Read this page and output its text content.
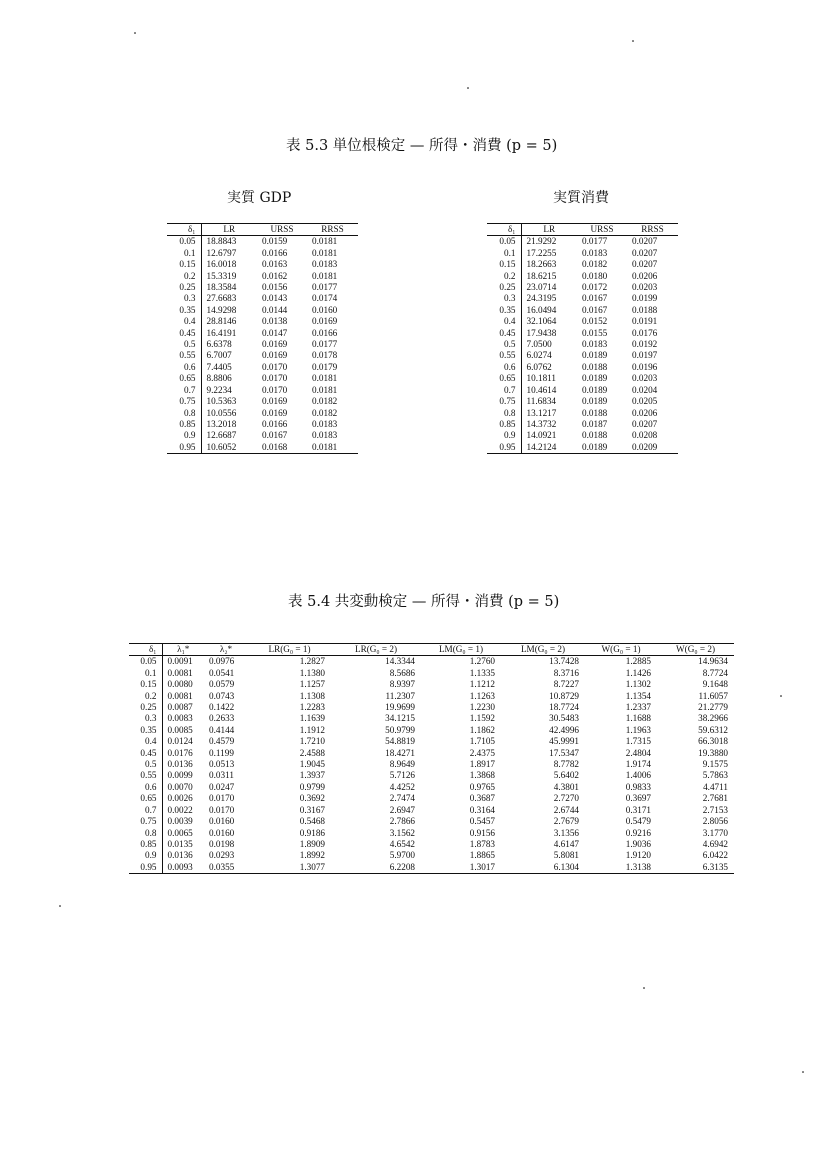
表 5.3 単位根検定 — 所得・消費 (p = 5)
実質 GDP	実質消費
δ₁	LR	URSS	RRSS
0.05	18.8843	0.0159	0.0181
0.1	12.6797	0.0166	0.0181
0.15	16.0018	0.0163	0.0183
0.2	15.3319	0.0162	0.0181
0.25	18.3584	0.0156	0.0177
0.3	27.6683	0.0143	0.0174
0.35	14.9298	0.0144	0.0160
0.4	28.8146	0.0138	0.0169
0.45	16.4191	0.0147	0.0166
0.5	6.6378	0.0169	0.0177
0.55	6.7007	0.0169	0.0178
0.6	7.4405	0.0170	0.0179
0.65	8.8806	0.0170	0.0181
0.7	9.2234	0.0170	0.0181
0.75	10.5363	0.0169	0.0182
0.8	10.0556	0.0169	0.0182
0.85	13.2018	0.0166	0.0183
0.9	12.6687	0.0167	0.0183
0.95	10.6052	0.0168	0.0181
δ₁	LR	URSS	RRSS
0.05	21.9292	0.0177	0.0207
0.1	17.2255	0.0183	0.0207
0.15	18.2663	0.0182	0.0207
0.2	18.6215	0.0180	0.0206
0.25	23.0714	0.0172	0.0203
0.3	24.3195	0.0167	0.0199
0.35	16.0494	0.0167	0.0188
0.4	32.1064	0.0152	0.0191
0.45	17.9438	0.0155	0.0176
0.5	7.0500	0.0183	0.0192
0.55	6.0274	0.0189	0.0197
0.6	6.0762	0.0188	0.0196
0.65	10.1811	0.0189	0.0203
0.7	10.4614	0.0189	0.0204
0.75	11.6834	0.0189	0.0205
0.8	13.1217	0.0188	0.0206
0.85	14.3732	0.0187	0.0207
0.9	14.0921	0.0188	0.0208
0.95	14.2124	0.0189	0.0209
表 5.4 共変動検定 — 所得・消費 (p = 5)
δ₁	λ₁*	λ₂*	LR(G₀ = 1)	LR(G₀ = 2)	LM(G₀ = 1)	LM(G₀ = 2)	W(G₀ = 1)	W(G₀ = 2)
0.05	0.0091	0.0976	1.2827	14.3344	1.2760	13.7428	1.2885	14.9634
0.1	0.0081	0.0541	1.1380	8.5686	1.1335	8.3716	1.1426	8.7724
0.15	0.0080	0.0579	1.1257	8.9397	1.1212	8.7227	1.1302	9.1648
0.2	0.0081	0.0743	1.1308	11.2307	1.1263	10.8729	1.1354	11.6057
0.25	0.0087	0.1422	1.2283	19.9699	1.2230	18.7724	1.2337	21.2779
0.3	0.0083	0.2633	1.1639	34.1215	1.1592	30.5483	1.1688	38.2966
0.35	0.0085	0.4144	1.1912	50.9799	1.1862	42.4996	1.1963	59.6312
0.4	0.0124	0.4579	1.7210	54.8819	1.7105	45.9991	1.7315	66.3018
0.45	0.0176	0.1199	2.4588	18.4271	2.4375	17.5347	2.4804	19.3880
0.5	0.0136	0.0513	1.9045	8.9649	1.8917	8.7782	1.9174	9.1575
0.55	0.0099	0.0311	1.3937	5.7126	1.3868	5.6402	1.4006	5.7863
0.6	0.0070	0.0247	0.9799	4.4252	0.9765	4.3801	0.9833	4.4711
0.65	0.0026	0.0170	0.3692	2.7474	0.3687	2.7270	0.3697	2.7681
0.7	0.0022	0.0170	0.3167	2.6947	0.3164	2.6744	0.3171	2.7153
0.75	0.0039	0.0160	0.5468	2.7866	0.5457	2.7679	0.5479	2.8056
0.8	0.0065	0.0160	0.9186	3.1562	0.9156	3.1356	0.9216	3.1770
0.85	0.0135	0.0198	1.8909	4.6542	1.8783	4.6147	1.9036	4.6942
0.9	0.0136	0.0293	1.8992	5.9700	1.8865	5.8081	1.9120	6.0422
0.95	0.0093	0.0355	1.3077	6.2208	1.3017	6.1304	1.3138	6.3135
